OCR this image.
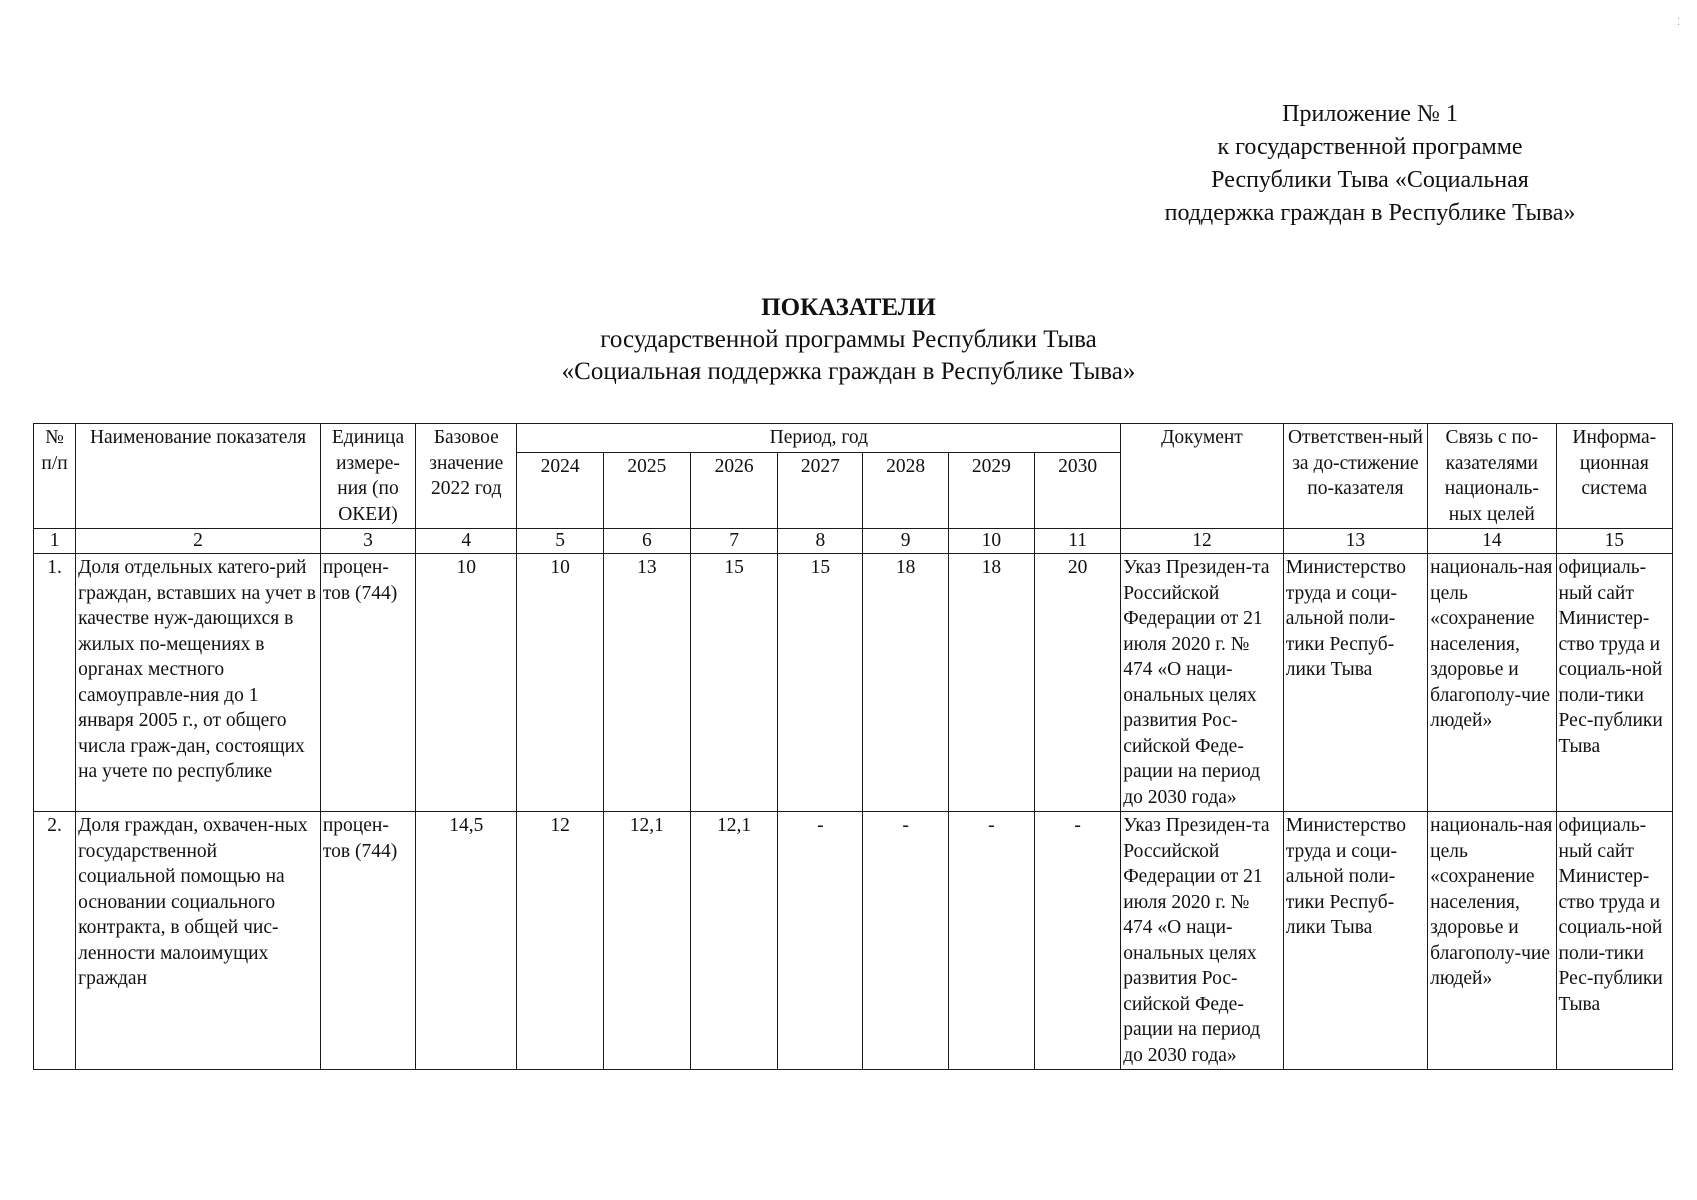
⁚
Приложение № 1
к государственной программе
Республики Тыва «Социальная
поддержка граждан в Республике Тыва»
ПОКАЗАТЕЛИ
государственной программы Республики Тыва
«Социальная поддержка граждан в Республике Тыва»
№ п/п	Наименование показателя	Единица измере-ния (по ОКЕИ)	Базовое значение 2022 год	Период, год							Документ	Ответствен-ный за до-стижение по-казателя	Связь с по-казателями националь-ных целей	Информа-ционная система
				2024	2025	2026	2027	2028	2029	2030				
1	2	3	4	5	6	7	8	9	10	11	12	13	14	15
1.	Доля отдельных катего-рий граждан, вставших на учет в качестве нуж-дающихся в жилых по-мещениях в органах местного самоуправле-ния до 1 января 2005 г., от общего числа граж-дан, состоящих на учете по республике	процен-тов (744)	10	10	13	15	15	18	18	20	Указ Президен-та Российской Федерации от 21 июля 2020 г. № 474 «О наци-ональных целях развития Рос-сийской Феде-рации на период до 2030 года»	Министерство труда и соци-альной поли-тики Респуб-лики Тыва	националь-ная цель «сохранение населения, здоровье и благополу-чие людей»	официаль-ный сайт Министер-ство труда и социаль-ной поли-тики Рес-публики Тыва
2.	Доля граждан, охвачен-ных государственной социальной помощью на основании социального контракта, в общей чис-ленности малоимущих граждан	процен-тов (744)	14,5	12	12,1	12,1	-	-	-	-	Указ Президен-та Российской Федерации от 21 июля 2020 г. № 474 «О наци-ональных целях развития Рос-сийской Феде-рации на период до 2030 года»	Министерство труда и соци-альной поли-тики Респуб-лики Тыва	националь-ная цель «сохранение населения, здоровье и благополу-чие людей»	официаль-ный сайт Министер-ство труда и социаль-ной поли-тики Рес-публики Тыва
